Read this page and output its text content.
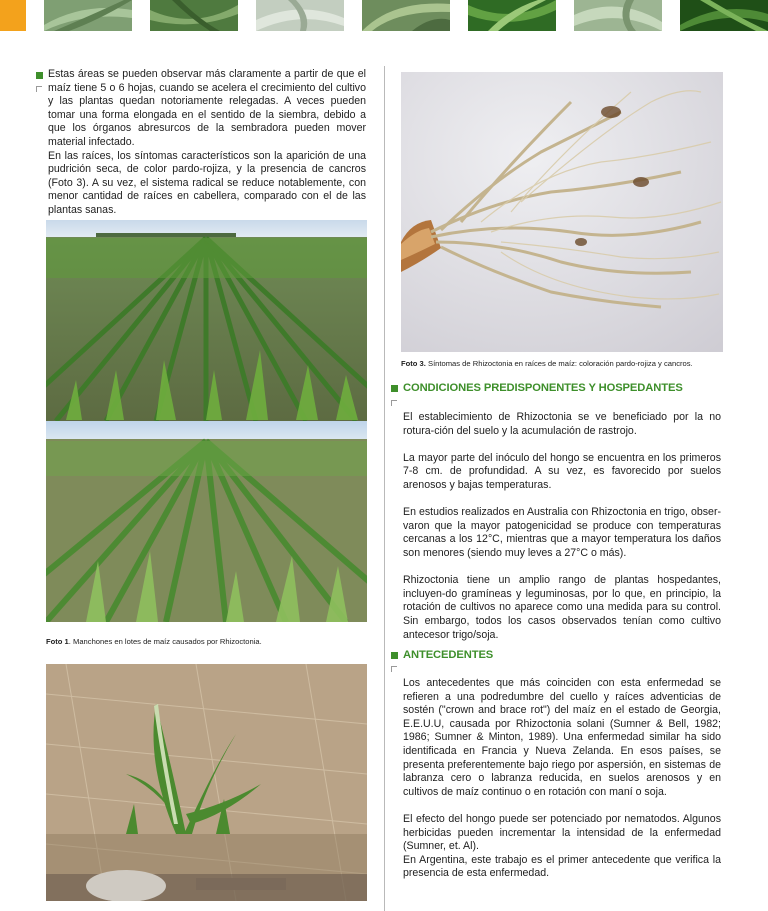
Estas áreas se pueden observar más claramente a partir de que el maíz tiene 5 o 6 hojas, cuando se acelera el crecimiento del cultivo y las plantas quedan notoriamente relegadas. A veces pueden tomar una forma elongada en el sentido de la siembra, debido a que los órganos abresurcos de la sembradora pueden mover material infectado.

En las raíces, los síntomas característicos son la aparición de una pudrición seca, de color pardo-rojiza, y la presencia de cancros (Foto 3). A su vez, el sistema radical se reduce notablemente, con menor cantidad de raíces en cabellera, comparado con el de las plantas sanas.

Foto 1. Manchones en lotes de maíz causados por Rhizoctonia.
Foto 3. Síntomas de Rhizoctonia en raíces de maíz: coloración pardo-rojiza y cancros.
CONDICIONES PREDISPONENTES Y HOSPEDANTES

El establecimiento de Rhizoctonia se ve beneficiado por la no rotura-ción del suelo y la acumulación de rastrojo.

La mayor parte del inóculo del hongo se encuentra en los primeros 7-8 cm. de profundidad. A su vez, es favorecido por suelos arenosos y bajas temperaturas.

En estudios realizados en Australia con Rhizoctonia en trigo, obser-varon que la mayor patogenicidad se produce con temperaturas cercanas a los 12°C, mientras que a mayor temperatura los daños son menores (siendo muy leves a 27°C o más).

Rhizoctonia tiene un amplio rango de plantas hospedantes, incluyen-do gramíneas y leguminosas, por lo que, en principio, la rotación de cultivos no aparece como una medida para su control. Sin embargo, todos los casos observados tenían como cultivo antecesor trigo/soja.

ANTECEDENTES

Los antecedentes que más coinciden con esta enfermedad se refieren a una podredumbre del cuello y raíces adventicias de sostén ("crown and brace rot") del maíz en el estado de Georgia, E.E.U.U, causada por Rhizoctonia solani (Sumner & Bell, 1982; 1986; Sumner & Minton, 1989). Una enfermedad similar ha sido identificada en Francia y Nueva Zelanda. En esos países, se presenta preferentemente bajo riego por aspersión, en sistemas de labranza cero o labranza reducida, en suelos arenosos y en cultivos de maíz continuo o en rotación con maní o soja.

El efecto del hongo puede ser potenciado por nematodos. Algunos herbicidas pueden incrementar la intensidad de la enfermedad (Sumner, et. Al).

En Argentina, este trabajo es el primer antecedente que verifica la presencia de esta enfermedad.
